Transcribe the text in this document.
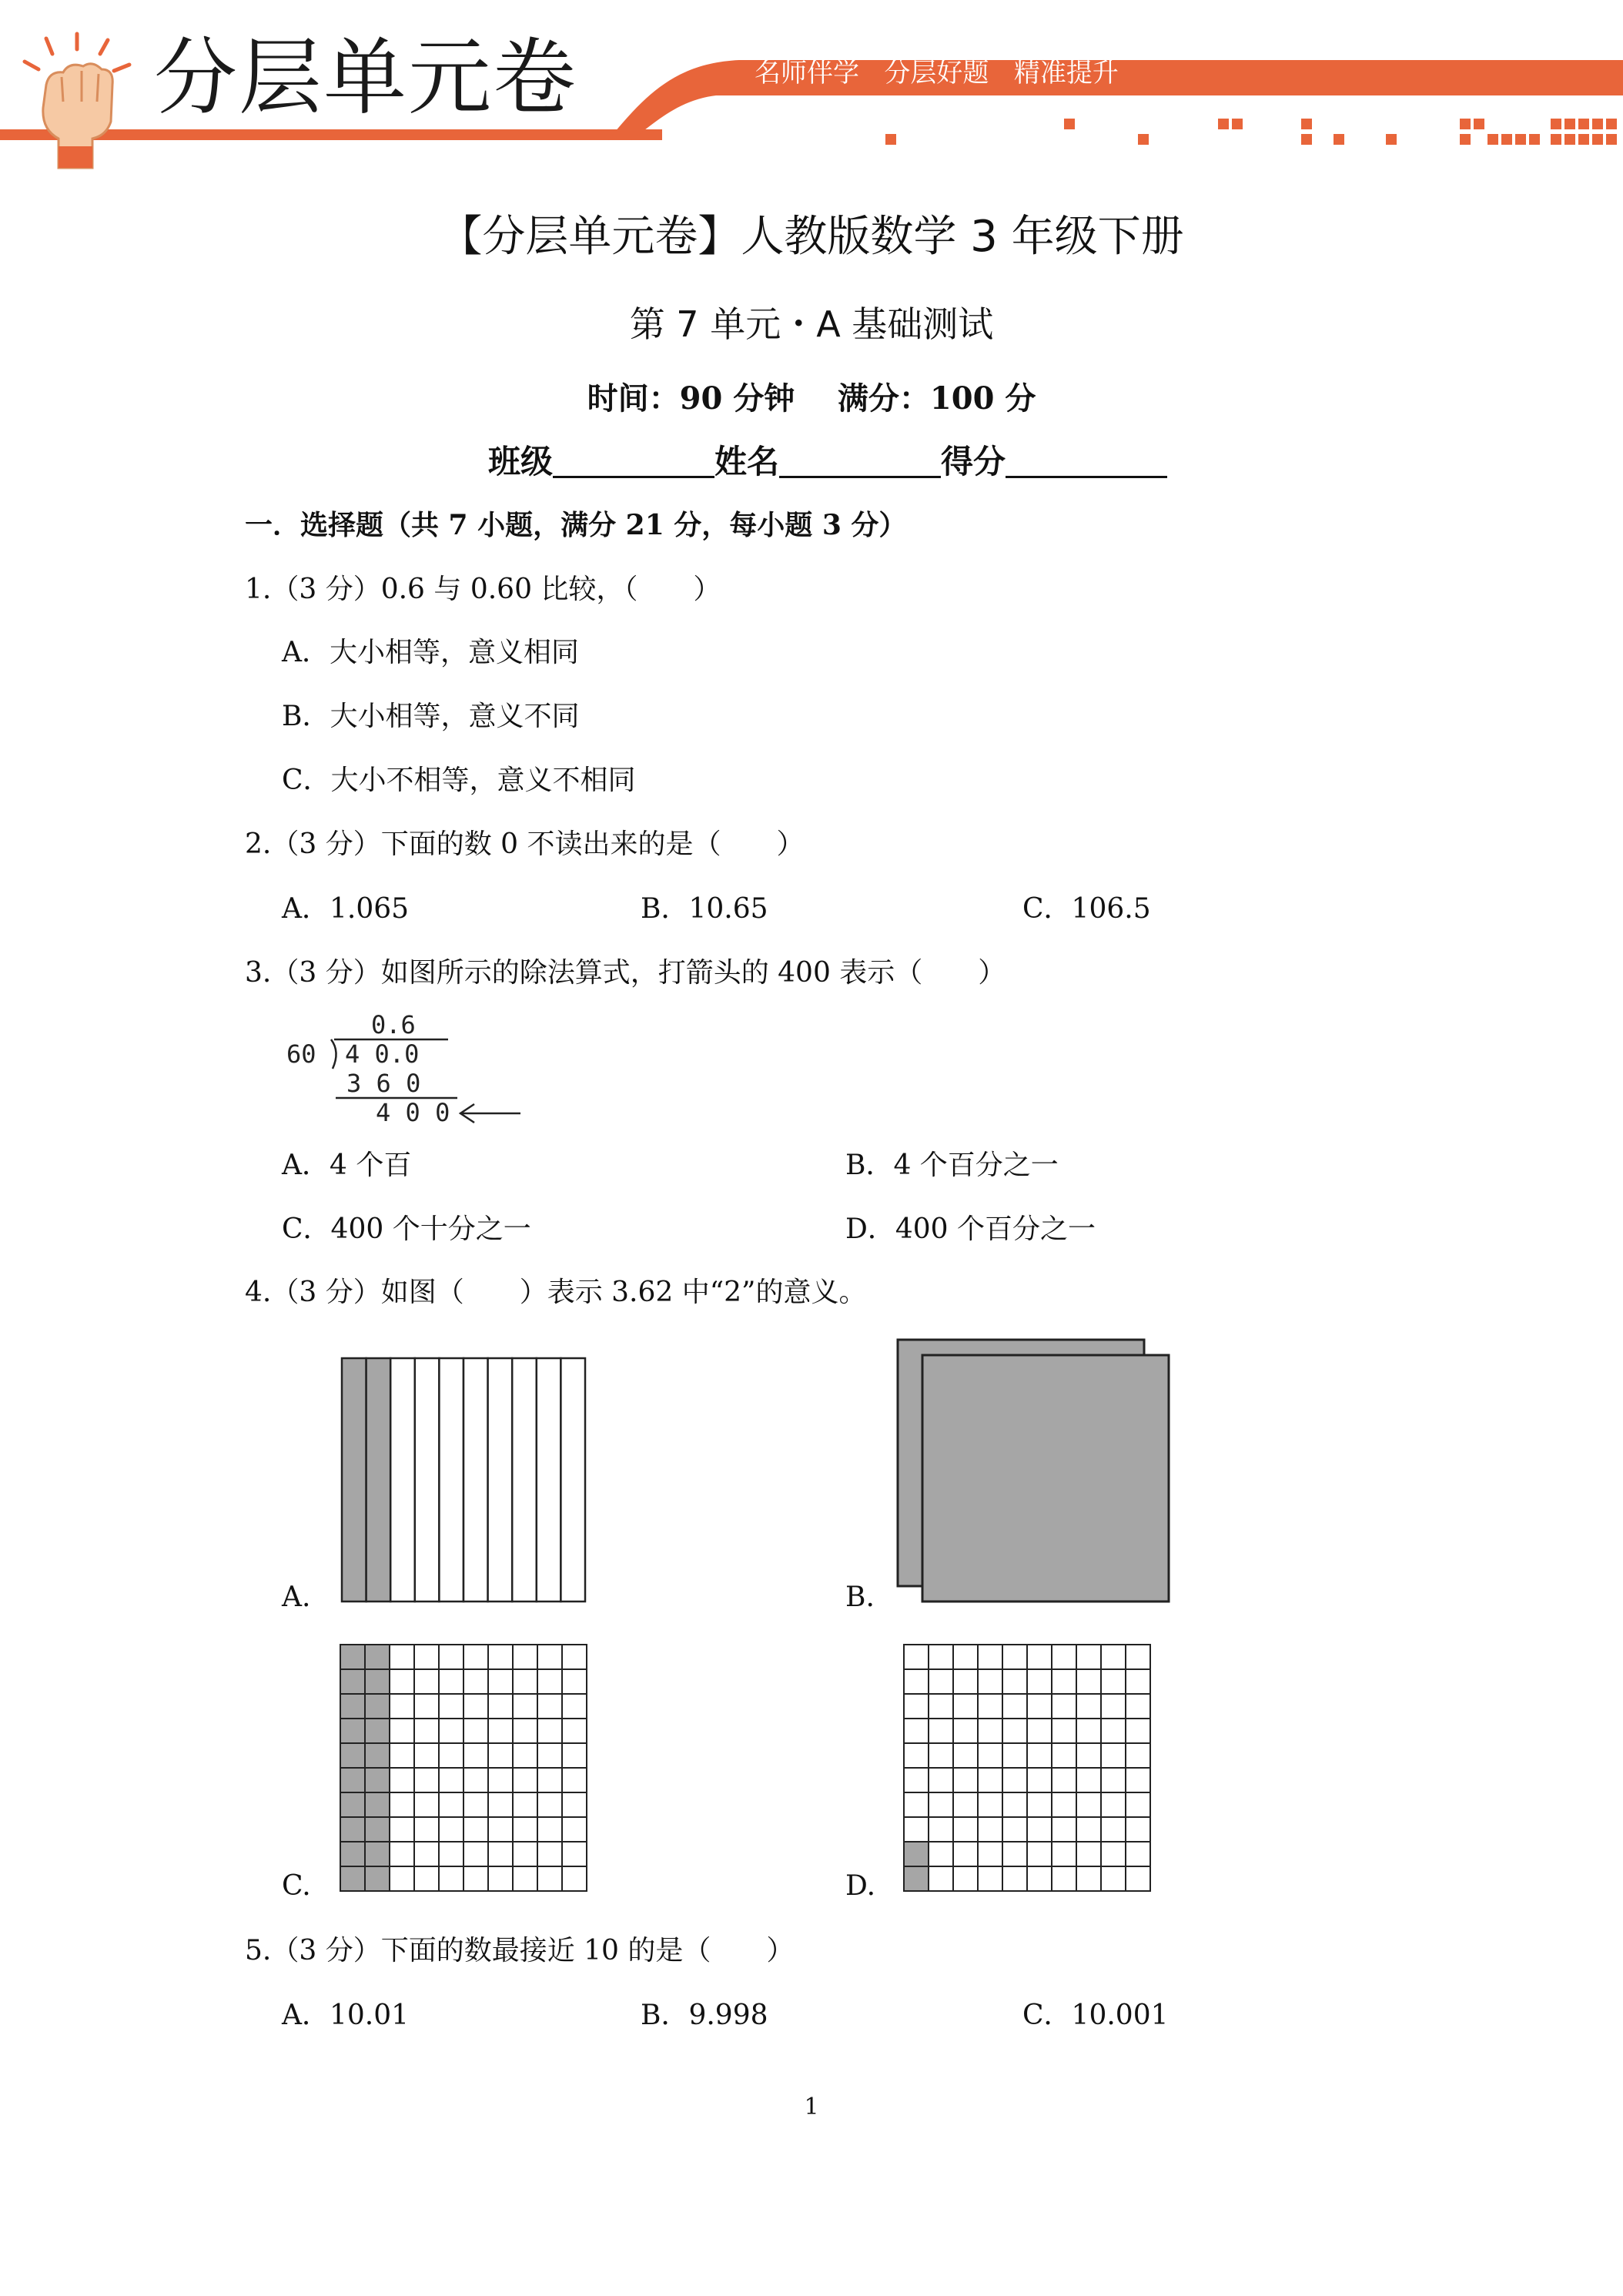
分层单元卷	名师伴学   分层好题   精准提升
【分层单元卷】人教版数学 3 年级下册
第 7 单元・A 基础测试
时间：90 分钟    满分：100 分
班级	姓名	得分
一．选择题（共 7 小题，满分 21 分，每小题 3 分）
1.（3 分）0.6 与 0.60 比较，（　　）
A．大小相等，意义相同
B．大小相等，意义不同
C．大小不相等，意义不相同
2.（3 分）下面的数 0 不读出来的是（　　）
A．1.065	B．10.65	C．106.5
3.（3 分）如图所示的除法算式，打箭头的 400 表示（　　）
0.6
60 4 0.0
3 6 0
4 0 0
A．4 个百	B．4 个百分之一
C．400 个十分之一	D．400 个百分之一
4.（3 分）如图（　　）表示 3.62 中“2”的意义。
A.	B.
C.	D.
5.（3 分）下面的数最接近 10 的是（　　）
A．10.01	B．9.998	C．10.001
1
